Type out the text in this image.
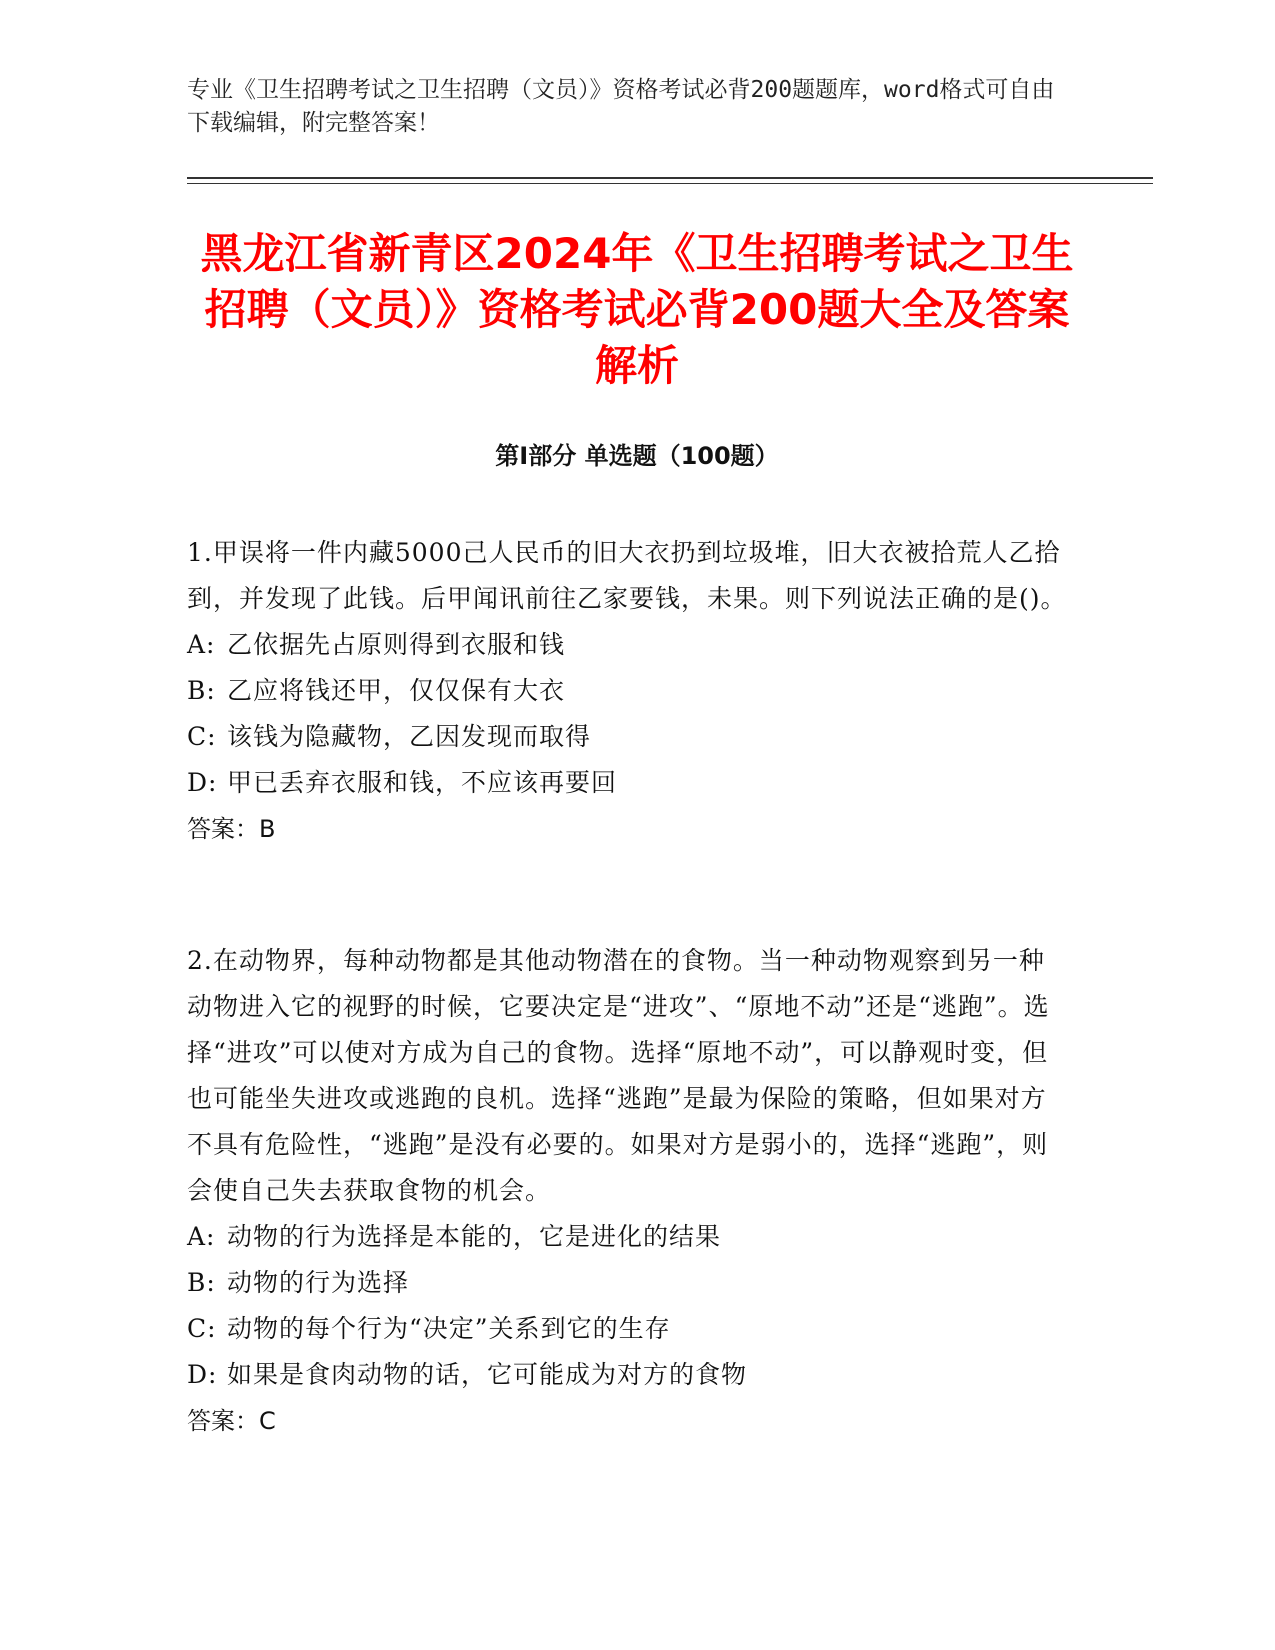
专业《卫生招聘考试之卫生招聘（文员）》资格考试必背200题题库，word格式可自由下载编辑，附完整答案！
黑龙江省新青区2024年《卫生招聘考试之卫生招聘（文员）》资格考试必背200题大全及答案解析
第Ⅰ部分 单选题（100题）
1.甲误将一件内藏5000己人民币的旧大衣扔到垃圾堆，旧大衣被拾荒人乙拾到，并发现了此钱。后甲闻讯前往乙家要钱，未果。则下列说法正确的是()。
A: 乙依据先占原则得到衣服和钱
B: 乙应将钱还甲，仅仅保有大衣
C: 该钱为隐藏物，乙因发现而取得
D: 甲已丢弃衣服和钱，不应该再要回
答案：B
2.在动物界，每种动物都是其他动物潜在的食物。当一种动物观察到另一种动物进入它的视野的时候，它要决定是“进攻”、“原地不动”还是“逃跑”。选择“进攻”可以使对方成为自己的食物。选择“原地不动”，可以静观时变，但也可能坐失进攻或逃跑的良机。选择“逃跑”是最为保险的策略，但如果对方不具有危险性，“逃跑”是没有必要的。如果对方是弱小的，选择“逃跑”，则会使自己失去获取食物的机会。
A: 动物的行为选择是本能的，它是进化的结果
B: 动物的行为选择
C: 动物的每个行为“决定”关系到它的生存
D: 如果是食肉动物的话，它可能成为对方的食物
答案：C
